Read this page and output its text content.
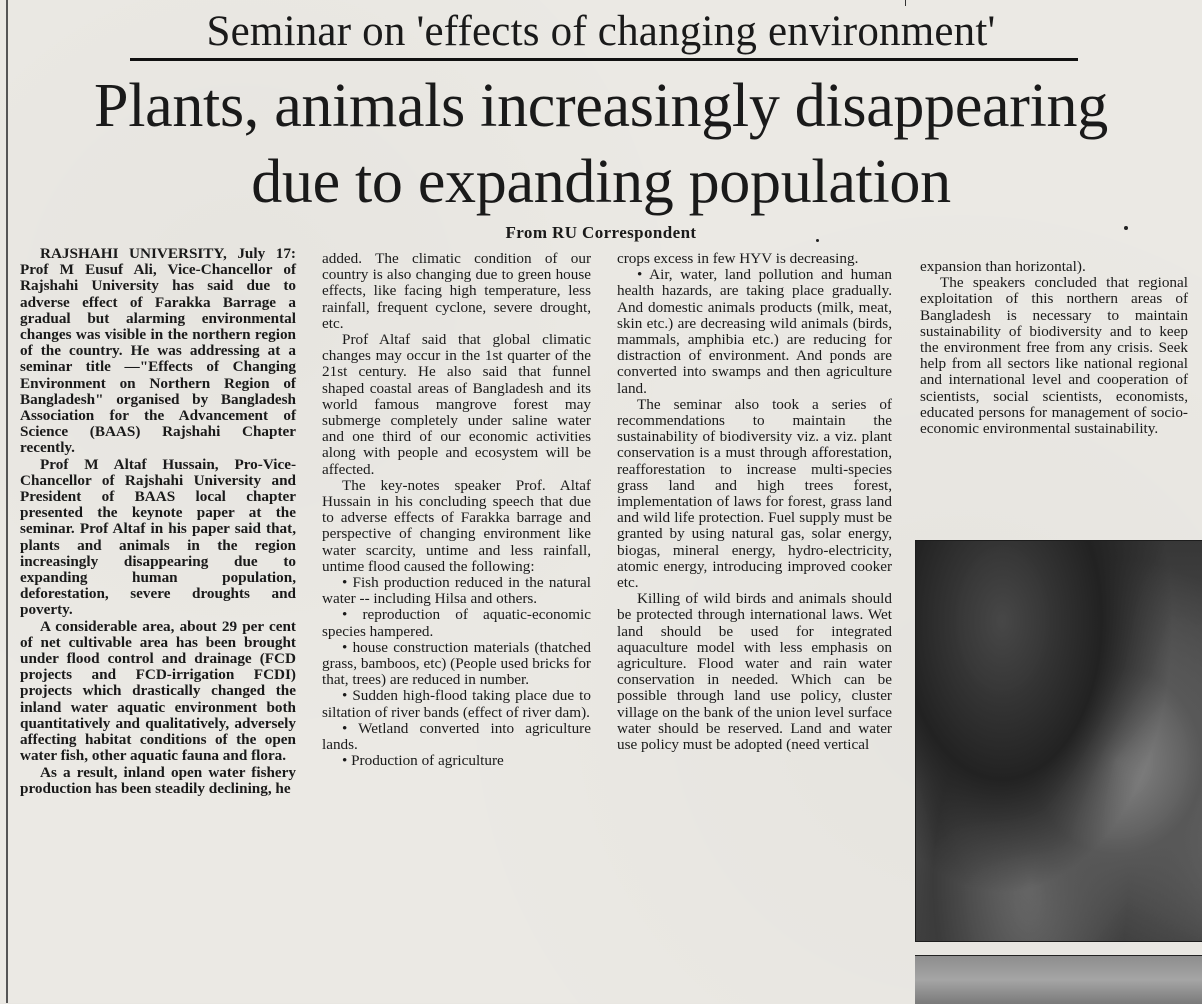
Seminar on 'effects of changing environment'
Plants, animals increasingly disappearing
due to expanding population
From RU Correspondent

RAJSHAHI UNIVERSITY, July 17: Prof M Eusuf Ali, Vice-Chancellor of Rajshahi University has said due to adverse effect of Farakka Barrage a gradual but alarming environmental changes was visible in the northern region of the country. He was addressing at a seminar title —"Effects of Changing Environment on Northern Region of Bangladesh" organised by Bangladesh Association for the Advancement of Science (BAAS) Rajshahi Chapter recently.

Prof M Altaf Hussain, Pro-Vice-Chancellor of Rajshahi University and President of BAAS local chapter presented the keynote paper at the seminar. Prof Altaf in his paper said that, plants and animals in the region increasingly disappearing due to expanding human population, deforestation, severe droughts and poverty.

A considerable area, about 29 per cent of net cultivable area has been brought under flood control and drainage (FCD projects and FCD-irrigation FCDI) projects which drastically changed the inland water aquatic environment both quantitatively and qualitatively, adversely affecting habitat conditions of the open water fish, other aquatic fauna and flora.

As a result, inland open water fishery production has been steadily declining, he

added. The climatic condition of our country is also changing due to green house effects, like facing high temperature, less rainfall, frequent cyclone, severe drought, etc.

Prof Altaf said that global climatic changes may occur in the 1st quarter of the 21st century. He also said that funnel shaped coastal areas of Bangladesh and its world famous mangrove forest may submerge completely under saline water and one third of our economic activities along with people and ecosystem will be affected.

The key-notes speaker Prof. Altaf Hussain in his concluding speech that due to adverse effects of Farakka barrage and perspective of changing environment like water scarcity, untime and less rainfall, untime flood caused the following:

• Fish production reduced in the natural water -- including Hilsa and others.

• reproduction of aquatic-economic species hampered.

• house construction materials (thatched grass, bamboos, etc) (People used bricks for that, trees) are reduced in number.

• Sudden high-flood taking place due to siltation of river bands (effect of river dam).

• Wetland converted into agriculture lands.

• Production of agriculture

crops excess in few HYV is decreasing.

• Air, water, land pollution and human health hazards, are taking place gradually. And domestic animals products (milk, meat, skin etc.) are decreasing wild animals (birds, mammals, amphibia etc.) are reducing for distraction of environment. And ponds are converted into swamps and then agriculture land.

The seminar also took a series of recommendations to maintain the sustainability of biodiversity viz. a viz. plant conservation is a must through afforestation, reafforestation to increase multi-species grass land and high trees forest, implementation of laws for forest, grass land and wild life protection. Fuel supply must be granted by using natural gas, solar energy, biogas, mineral energy, hydro-electricity, atomic energy, introducing improved cooker etc.

Killing of wild birds and animals should be protected through international laws. Wet land should be used for integrated aquaculture model with less emphasis on agriculture. Flood water and rain water conservation in needed. Which can be possible through land use policy, cluster village on the bank of the union level surface water should be reserved. Land and water use policy must be adopted (need vertical

expansion than horizontal).

The speakers concluded that regional exploitation of this northern areas of Bangladesh is necessary to maintain sustainability of biodiversity and to keep the environment free from any crisis. Seek help from all sectors like national regional and international level and cooperation of scientists, social scientists, economists, educated persons for management of socio-economic environmental sustainability.
